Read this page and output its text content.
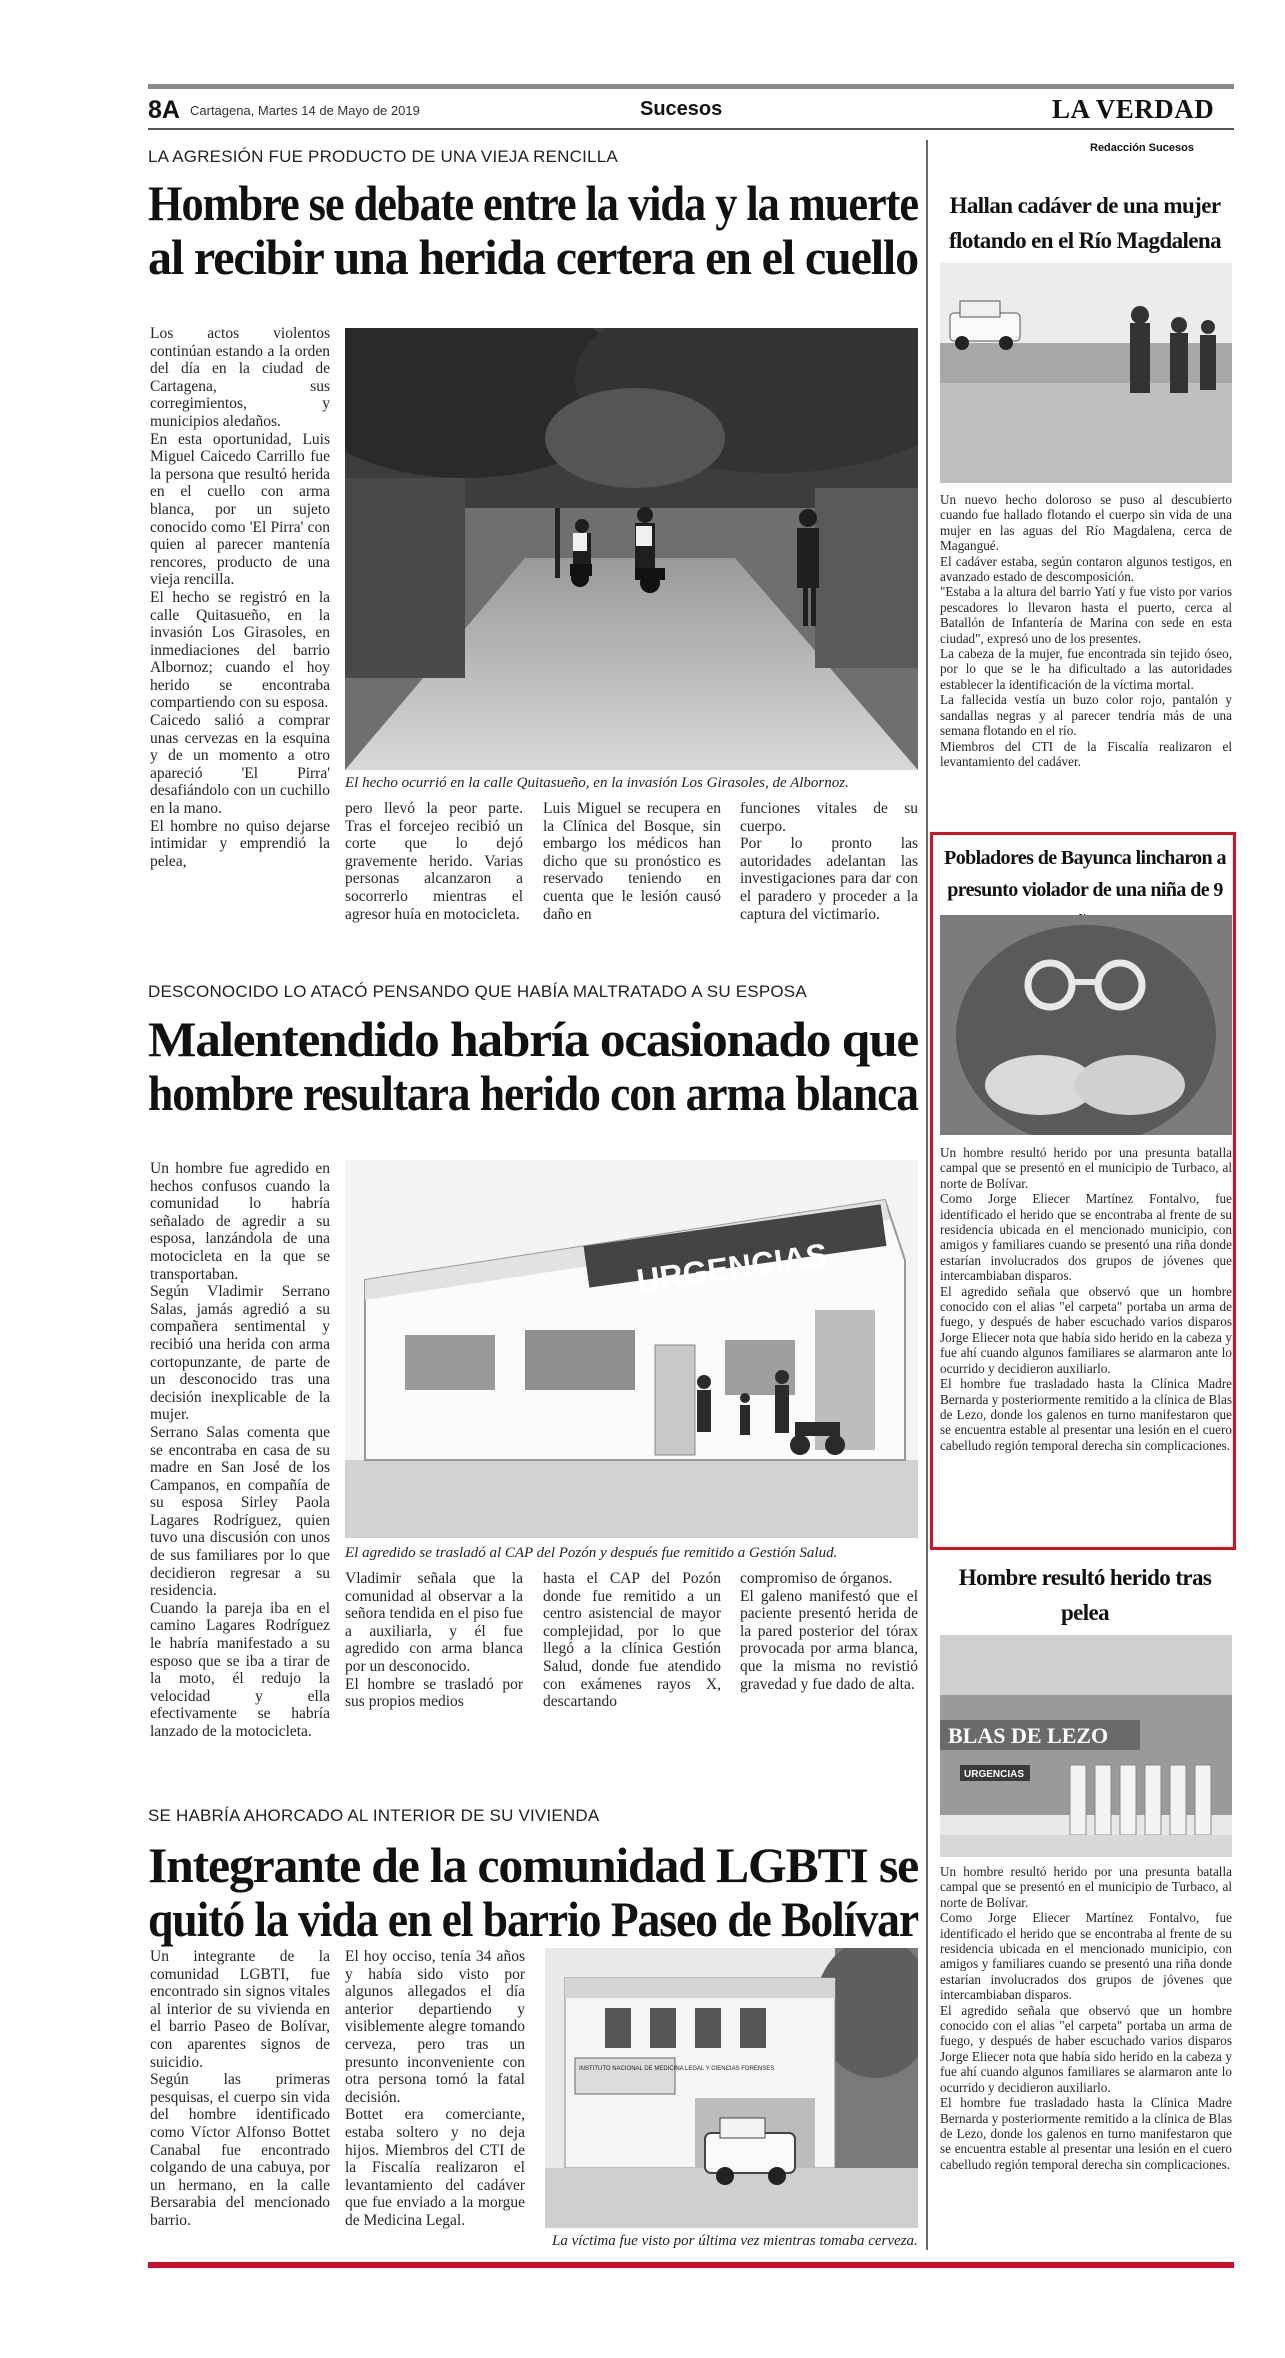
8A Cartagena, Martes 14 de Mayo de 2019	Sucesos	LA VERDAD
LA AGRESIÓN FUE PRODUCTO DE UNA VIEJA RENCILLA
Hombre se debate entre la vida y la muerte
al recibir una herida certera en el cuello
Los actos violentos continúan estando a la orden del día en la ciudad de Cartagena, sus corregimientos, y municipios aledaños.
En esta oportunidad, Luis Miguel Caicedo Carrillo fue la persona que resultó herida en el cuello con arma blanca, por un sujeto conocido como 'El Pirra' con quien al parecer mantenía rencores, producto de una vieja rencilla.
El hecho se registró en la calle Quitasueño, en la invasión Los Girasoles, en inmediaciones del barrio Albornoz; cuando el hoy herido se encontraba compartiendo con su esposa.
Caicedo salió a comprar unas cervezas en la esquina y de un momento a otro apareció 'El Pirra' desafiándolo con un cuchillo en la mano.
El hombre no quiso dejarse intimidar y emprendió la pelea,
El hecho ocurrió en la calle Quitasueño, en la invasión Los Girasoles, de Albornoz.
pero llevó la peor parte. Tras el forcejeo recibió un corte que lo dejó gravemente herido. Varias personas alcanzaron a socorrerlo mientras el agresor huía en motocicleta.
Luis Miguel se recupera en la Clínica del Bosque, sin embargo los médicos han dicho que su pronóstico es reservado teniendo en cuenta que le lesión causó daño en
funciones vitales de su cuerpo.
Por lo pronto las autoridades adelantan las investigaciones para dar con el paradero y proceder a la captura del victimario.
DESCONOCIDO LO ATACÓ PENSANDO QUE HABÍA MALTRATADO A SU ESPOSA
Malentendido habría ocasionado que
hombre resultara herido con arma blanca
Un hombre fue agredido en hechos confusos cuando la comunidad lo habría señalado de agredir a su esposa, lanzándola de una motocicleta en la que se transportaban.
Según Vladimir Serrano Salas, jamás agredió a su compañera sentimental y recibió una herida con arma cortopunzante, de parte de un desconocido tras una decisión inexplicable de la mujer.
Serrano Salas comenta que se encontraba en casa de su madre en San José de los Campanos, en compañía de su esposa Sirley Paola Lagares Rodríguez, quien tuvo una discusión con unos de sus familiares por lo que decidieron regresar a su residencia.
Cuando la pareja iba en el camino Lagares Rodríguez le habría manifestado a su esposo que se iba a tirar de la moto, él redujo la velocidad y ella efectivamente se habría lanzado de la motocicleta.
URGENCIAS
El agredido se trasladó al CAP del Pozón y después fue remitido a Gestión Salud.
Vladimir señala que la comunidad al observar a la señora tendida en el piso fue a auxiliarla, y él fue agredido con arma blanca por un desconocido.
El hombre se trasladó por sus propios medios
hasta el CAP del Pozón donde fue remitido a un centro asistencial de mayor complejidad, por lo que llegó a la clínica Gestión Salud, donde fue atendido con exámenes rayos X, descartando
compromiso de órganos.
El galeno manifestó que el paciente presentó herida de la pared posterior del tórax provocada por arma blanca, que la misma no revistió gravedad y fue dado de alta.
SE HABRÍA AHORCADO AL INTERIOR DE SU VIVIENDA
Integrante de la comunidad LGBTI se
quitó la vida en el barrio Paseo de Bolívar
Un integrante de la comunidad LGBTI, fue encontrado sin signos vitales al interior de su vivienda en el barrio Paseo de Bolívar, con aparentes signos de suicidio.
Según las primeras pesquisas, el cuerpo sin vida del hombre identificado como Víctor Alfonso Bottet Canabal fue encontrado colgando de una cabuya, por un hermano, en la calle Bersarabia del mencionado barrio.
El hoy occiso, tenía 34 años y había sido visto por algunos allegados el día anterior departiendo y visiblemente alegre tomando cerveza, pero tras un presunto inconveniente con otra persona tomó la fatal decisión.
Bottet era comerciante, estaba soltero y no deja hijos. Miembros del CTI de la Fiscalía realizaron el levantamiento del cadáver que fue enviado a la morgue de Medicina Legal.
INSTITUTO NACIONAL DE MEDICINA LEGAL Y CIENCIAS FORENSES
La víctima fue visto por última vez mientras tomaba cerveza.
Redacción Sucesos
Hallan cadáver de una mujer
flotando en el Río Magdalena
Un nuevo hecho doloroso se puso al descubierto cuando fue hallado flotando el cuerpo sin vida de una mujer en las aguas del Río Magdalena, cerca de Magangué.
El cadáver estaba, según contaron algunos testigos, en avanzado estado de descomposición.
"Estaba a la altura del barrio Yatí y fue visto por varios pescadores lo llevaron hasta el puerto, cerca al Batallón de Infantería de Marina con sede en esta ciudad", expresó uno de los presentes.
La cabeza de la mujer, fue encontrada sin tejido óseo, por lo que se le ha dificultado a las autoridades establecer la identificación de la víctima mortal.
La fallecida vestía un buzo color rojo, pantalón y sandallas negras y al parecer tendría más de una semana flotando en el río.
Miembros del CTI de la Fiscalía realizaron el levantamiento del cadáver.
Pobladores de Bayunca lincharon a
presunto violador de una niña de 9
Un hombre resultó herido por una presunta batalla campal que se presentó en el municipio de Turbaco, al norte de Bolívar.
Como Jorge Eliecer Martínez Fontalvo, fue identificado el herido que se encontraba al frente de su residencia ubicada en el mencionado municipio, con amigos y familiares cuando se presentó una riña donde estarían involucrados dos grupos de jóvenes que intercambiaban disparos.
El agredido señala que observó que un hombre conocido con el alias "el carpeta" portaba un arma de fuego, y después de haber escuchado varios disparos Jorge Eliecer nota que había sido herido en la cabeza y fue ahí cuando algunos familiares se alarmaron ante lo ocurrido y decidieron auxiliarlo.
El hombre fue trasladado hasta la Clínica Madre Bernarda y posteriormente remitido a la clínica de Blas de Lezo, donde los galenos en turno manifestaron que se encuentra estable al presentar una lesión en el cuero cabelludo región temporal derecha sin complicaciones.
Hombre resultó herido tras pelea
BLAS DE LEZO
URGENCIAS
Un hombre resultó herido por una presunta batalla campal que se presentó en el municipio de Turbaco, al norte de Bolívar.
Como Jorge Eliecer Martínez Fontalvo, fue identificado el herido que se encontraba al frente de su residencia ubicada en el mencionado municipio, con amigos y familiares cuando se presentó una riña donde estarían involucrados dos grupos de jóvenes que intercambiaban disparos.
El agredido señala que observó que un hombre conocido con el alias "el carpeta" portaba un arma de fuego, y después de haber escuchado varios disparos Jorge Eliecer nota que había sido herido en la cabeza y fue ahí cuando algunos familiares se alarmaron ante lo ocurrido y decidieron auxiliarlo.
El hombre fue trasladado hasta la Clínica Madre Bernarda y posteriormente remitido a la clínica de Blas de Lezo, donde los galenos en turno manifestaron que se encuentra estable al presentar una lesión en el cuero cabelludo región temporal derecha sin complicaciones.
